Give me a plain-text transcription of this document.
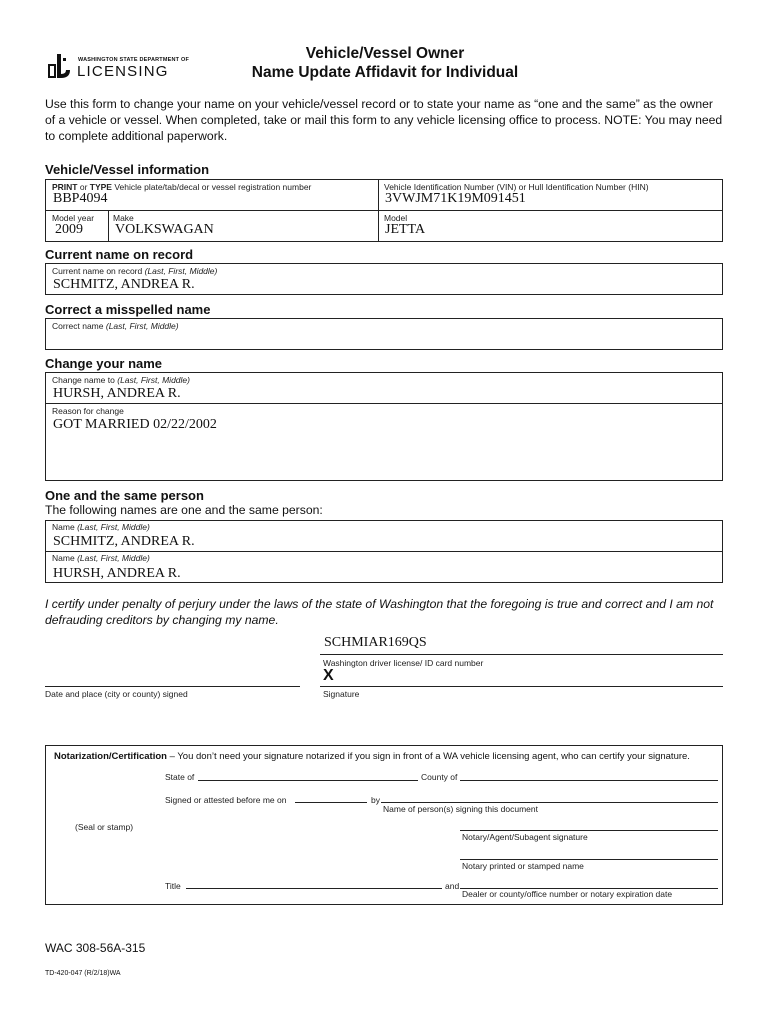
WASHINGTON STATE DEPARTMENT OF
LICENSING
Vehicle/Vessel Owner
Name Update Affidavit for Individual
Use this form to change your name on your vehicle/vessel record or to state your name as “one and the same” as the owner of a vehicle or vessel. When completed, take or mail this form to any vehicle licensing office to process. NOTE: You may need to complete additional paperwork.
Vehicle/Vessel information
PRINT or TYPE Vehicle plate/tab/decal or vessel registration number
BBP4094
Vehicle Identification Number (VIN) or Hull Identification Number (HIN)
3VWJM71K19M091451
Model year
2009
Make
VOLKSWAGAN
Model
JETTA
Current name on record
Current name on record (Last, First, Middle)
SCHMITZ, ANDREA R.
Correct a misspelled name
Correct name (Last, First, Middle)
Change your name
Change name to (Last, First, Middle)
HURSH, ANDREA R.
Reason for change
GOT MARRIED 02/22/2002
One and the same person
The following names are one and the same person:
Name (Last, First, Middle)
SCHMITZ, ANDREA R.
Name (Last, First, Middle)
HURSH, ANDREA R.
I certify under penalty of perjury under the laws of the state of Washington that the foregoing is true and correct and I am not defrauding creditors by changing my name.
SCHMIAR169QS
Washington driver license/ ID card number
X
Signature
Date and place (city or county) signed
Notarization/Certification – You don’t need your signature notarized if you sign in front of a WA vehicle licensing agent, who can certify your signature.
State of	County of
Signed or attested before me on	by
Name of person(s) signing this document
(Seal or stamp)
Notary/Agent/Subagent signature
Notary printed or stamped name
Title	and
Dealer or county/office number or notary expiration date
WAC 308-56A-315
TD-420-047 (R/2/18)WA
